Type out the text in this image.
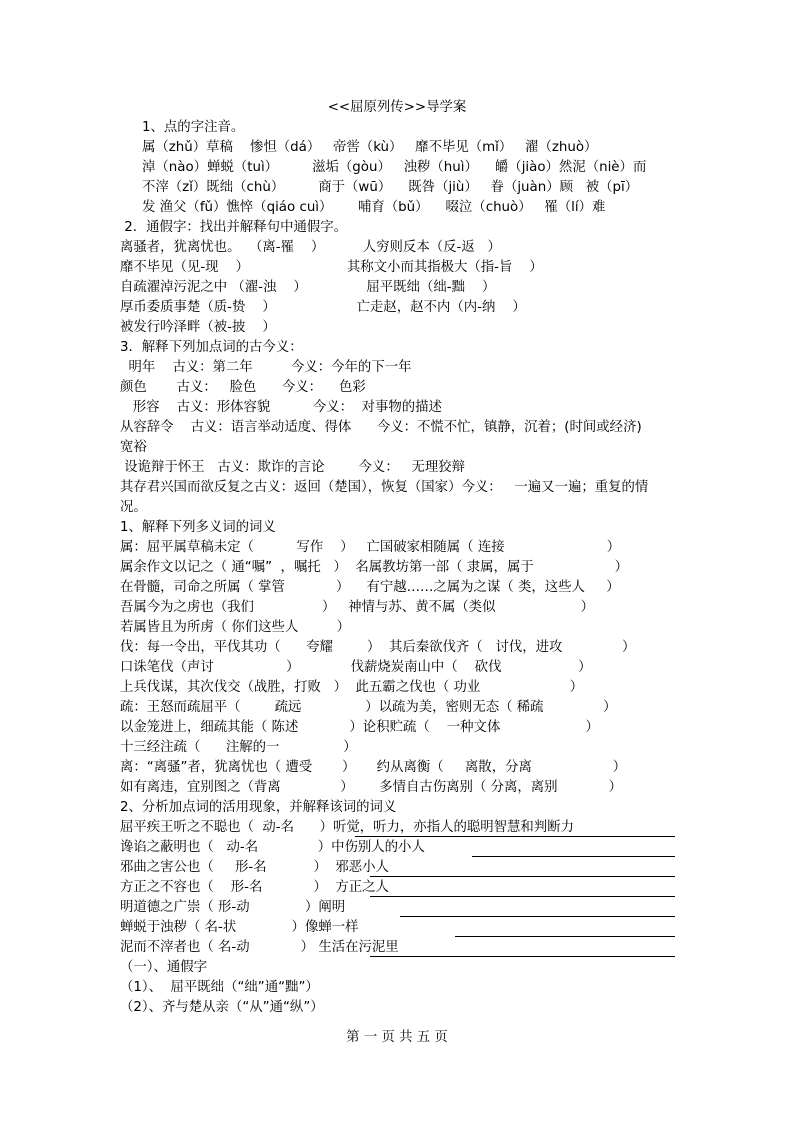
<<屈原列传>>导学案
1、点的字注音。
属（zhǔ）草稿    惨怛（dá）   帝喾（kù）   靡不毕见（mǐ）   濯（zhuò）
淖（nào）蝉蜕（tuì）        滋垢（gòu）   浊秽（huì）    皭（jiào）然泥（niè）而
不滓（zǐ）既绌（chù）        商于（wū）    既咎（jiù）   眷（juàn）顾   被（pī）
发 渔父（fǔ）憔悴（qiáo cuì）      哺育（bǔ）    啜泣（chuò）   罹（lí）难
2．通假字：找出并解释句中通假字。
离骚者，犹离忧也。  （离-罹    ）         人穷则反本（反-返   ）
靡不毕见（见-现    ）                       其称文小而其指极大（指-旨    ）
自疏濯淖污泥之中 （濯-浊    ）              屈平既绌（绌-黜    ）
厚币委质事楚（质-贽    ）                   亡走赵，赵不内（内-纳    ）
被发行吟泽畔（被-披    ）
3．解释下列加点词的古今义：
明年    古义：第二年         今义：今年的下一年
颜色       古义：   脸色      今义：    色彩
形容    古义：形体容貌          今义：  对事物的描述
从容辞令    古义：语言举动适度、得体      今义：不慌不忙，镇静，沉着；(时间或经济)
宽裕
设诡辩于怀王   古义：欺诈的言论        今义：   无理狡辩
其存君兴国而欲反复之古义：返回（楚国），恢复（国家）今义：   一遍又一遍；重复的情
况。
1、解释下列多义词的词义
属：屈平属草稿未定（          写作    ）   亡国破家相随属（ 连接                        ）
属余作文以记之（ 通“嘱”  ，嘱托   ）  名属教坊第一部（ 隶属，属于                   ）
在骨髓，司命之所属（ 掌管            ）    有宁越……之属为之谋（ 类，这些人     ）
吾属今为之虏也（我们                ）   神情与苏、黄不属（类似                    ）
若属皆且为所虏（ 你们这些人         ）
伐：每一令出，平伐其功（      夸耀        ）  其后秦欲伐齐（   讨伐，进攻              ）
口诛笔伐（声讨                 ）            伐薪烧炭南山中（    砍伐                  ）
上兵伐谋，其次伐交（战胜，打败   ）  此五霸之伐也（ 功业                     ）
疏：王怒而疏屈平（        疏远               ）以疏为美，密则无态（ 稀疏              ）
以金笼进上，细疏其能（ 陈述            ）论积贮疏（    一种文体                    ）
十三经注疏（      注解的一               ）
离：“离骚”者，犹离忧也（ 遭受       ）     约从离衡（     离散，分离                   ）
如有离违，宜别图之（背离              ）      多情自古伤离别（ 分离，离别            ）
2、分析加点词的活用现象，并解释该词的词义
屈平疾王听之不聪也（  动-名      ）听觉，听力，亦指人的聪明智慧和判断力
谗谄之蔽明也（   动-名              ）中伤别人的小人
邪曲之害公也（     形-名           ）  邪恶小人
方正之不容也（    形-名            ）  方正之人
明道德之广崇（ 形-动             ）阐明
蝉蜕于浊秽（ 名-状             ）像蝉一样
泥而不滓者也（ 名-动            ） 生活在污泥里
（一）、通假字
（1）、  屈平既绌（“绌”通“黜”）
（2）、齐与楚从亲（“从”通“纵”）
第 一 页 共 五 页
